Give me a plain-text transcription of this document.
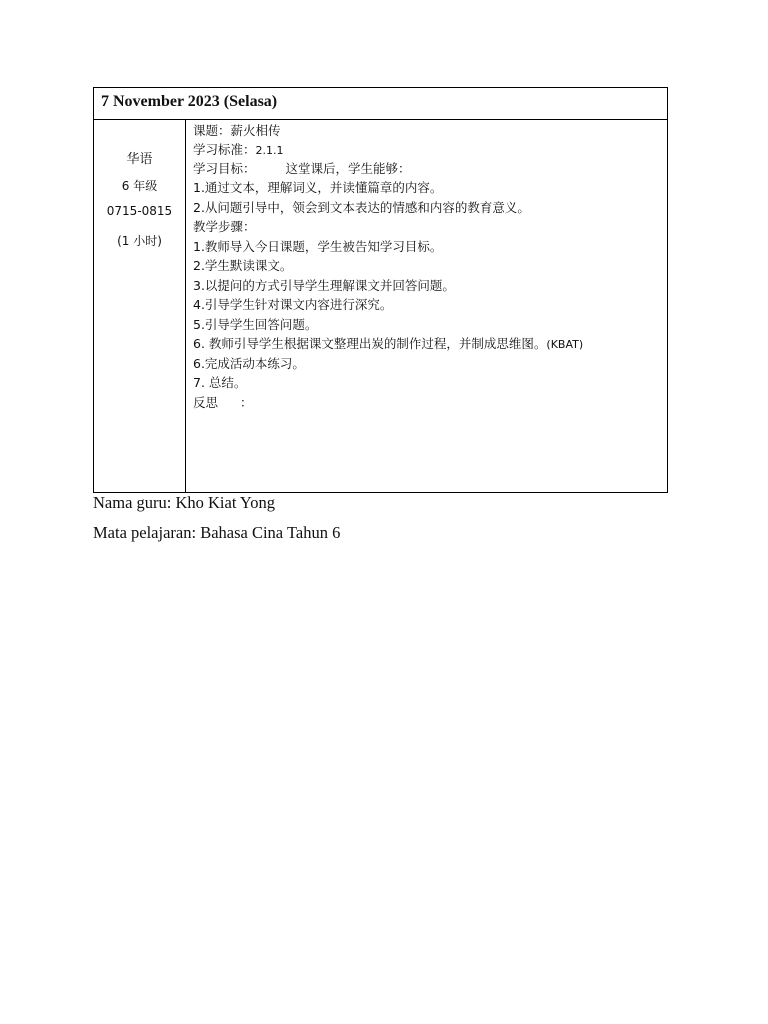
7 November 2023 (Selasa)
华语
6 年级
0715-0815
(1 小时)
课题：薪火相传
学习标准：2.1.1
学习目标： 这堂课后，学生能够：
1.通过文本，理解词义，并读懂篇章的内容。
2.从问题引导中，领会到文本表达的情感和内容的教育意义。
教学步骤：
1.教师导入今日课题，学生被告知学习目标。
2.学生默读课文。
3.以提问的方式引导学生理解课文并回答问题。
4.引导学生针对课文内容进行深究。
5.引导学生回答问题。
6. 教师引导学生根据课文整理出炭的制作过程，并制成思维图。(KBAT)
6.完成活动本练习。
7. 总结。
反思 ：
Nama guru: Kho Kiat Yong
Mata pelajaran: Bahasa Cina Tahun 6
